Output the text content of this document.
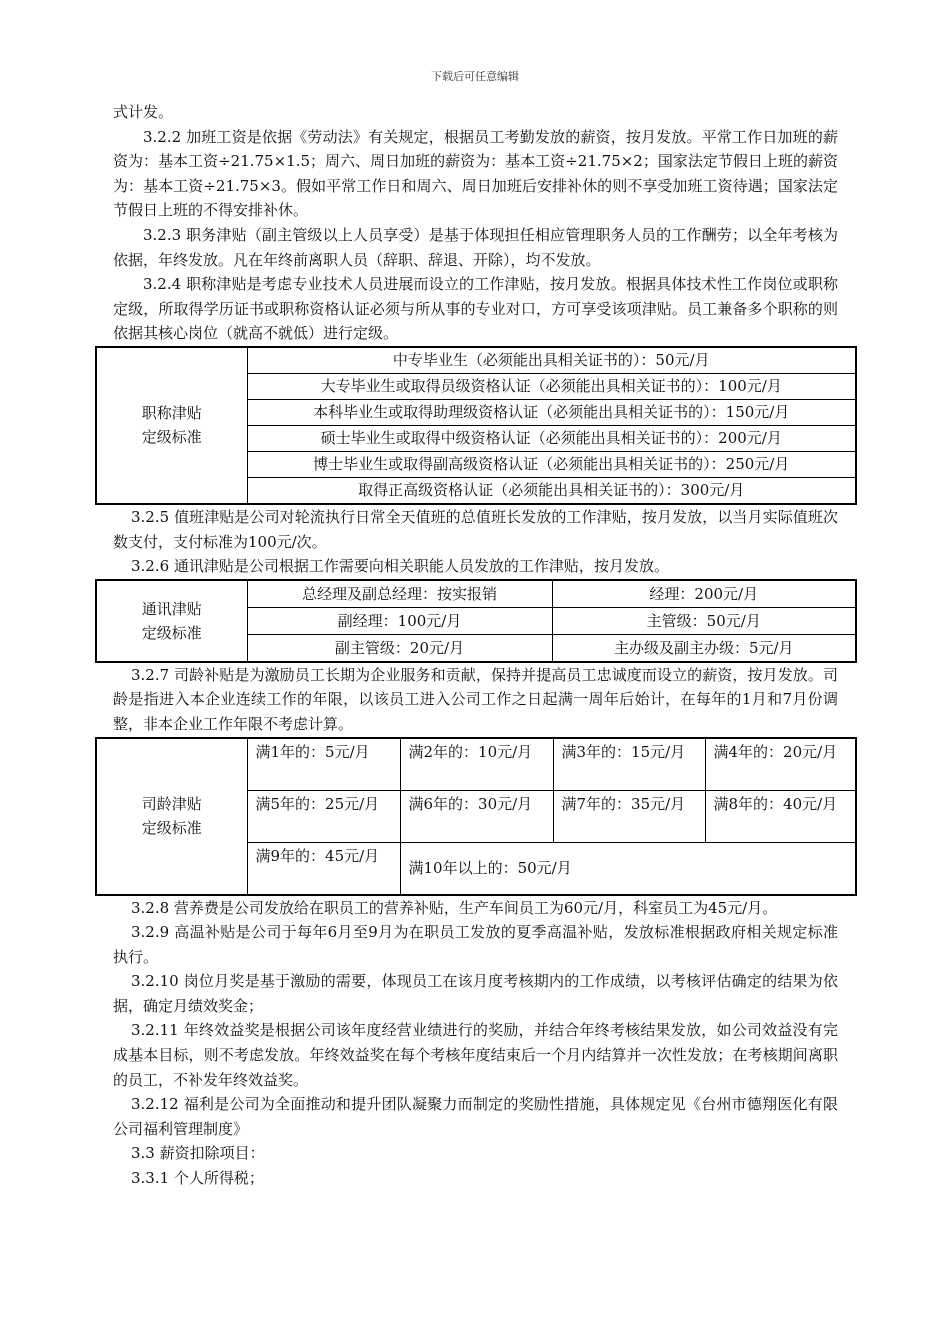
下载后可任意编辑

式计发。

3.2.2 加班工资是依据《劳动法》有关规定，根据员工考勤发放的薪资，按月发放。平常工作日加班的薪资为：基本工资÷21.75×1.5；周六、周日加班的薪资为：基本工资÷21.75×2；国家法定节假日上班的薪资为：基本工资÷21.75×3。假如平常工作日和周六、周日加班后安排补休的则不享受加班工资待遇；国家法定节假日上班的不得安排补休。

3.2.3 职务津贴（副主管级以上人员享受）是基于体现担任相应管理职务人员的工作酬劳；以全年考核为依据，年终发放。凡在年终前离职人员（辞职、辞退、开除），均不发放。

3.2.4 职称津贴是考虑专业技术人员进展而设立的工作津贴，按月发放。根据具体技术性工作岗位或职称定级，所取得学历证书或职称资格认证必须与所从事的专业对口，方可享受该项津贴。员工兼备多个职称的则依据其核心岗位（就高不就低）进行定级。

职称津贴
定级标准	中专毕业生（必须能出具相关证书的）：50元/月
大专毕业生或取得员级资格认证（必须能出具相关证书的）：100元/月
本科毕业生或取得助理级资格认证（必须能出具相关证书的）：150元/月
硕士毕业生或取得中级资格认证（必须能出具相关证书的）：200元/月
博士毕业生或取得副高级资格认证（必须能出具相关证书的）：250元/月
取得正高级资格认证（必须能出具相关证书的）：300元/月

3.2.5 值班津贴是公司对轮流执行日常全天值班的总值班长发放的工作津贴，按月发放，以当月实际值班次数支付，支付标准为100元/次。

3.2.6 通讯津贴是公司根据工作需要向相关职能人员发放的工作津贴，按月发放。

通讯津贴
定级标准	总经理及副总经理：按实报销	经理：200元/月
	副经理：100元/月	主管级：50元/月
	副主管级：20元/月	主办级及副主办级：5元/月

3.2.7 司龄补贴是为激励员工长期为企业服务和贡献，保持并提高员工忠诚度而设立的薪资，按月发放。司龄是指进入本企业连续工作的年限，以该员工进入公司工作之日起满一周年后始计，在每年的1月和7月份调整，非本企业工作年限不考虑计算。

司龄津贴
定级标准	满1年的：5元/月	满2年的：10元/月	满3年的：15元/月	满4年的：20元/月
	满5年的：25元/月	满6年的：30元/月	满7年的：35元/月	满8年的：40元/月
	满9年的：45元/月	满10年以上的：50元/月		

3.2.8 营养费是公司发放给在职员工的营养补贴，生产车间员工为60元/月，科室员工为45元/月。

3.2.9 高温补贴是公司于每年6月至9月为在职员工发放的夏季高温补贴，发放标准根据政府相关规定标准执行。

3.2.10 岗位月奖是基于激励的需要，体现员工在该月度考核期内的工作成绩，以考核评估确定的结果为依据，确定月绩效奖金；

3.2.11 年终效益奖是根据公司该年度经营业绩进行的奖励，并结合年终考核结果发放，如公司效益没有完成基本目标，则不考虑发放。年终效益奖在每个考核年度结束后一个月内结算并一次性发放；在考核期间离职的员工，不补发年终效益奖。

3.2.12 福利是公司为全面推动和提升团队凝聚力而制定的奖励性措施，具体规定见《台州市德翔医化有限公司福利管理制度》

3.3 薪资扣除项目：

3.3.1 个人所得税；
